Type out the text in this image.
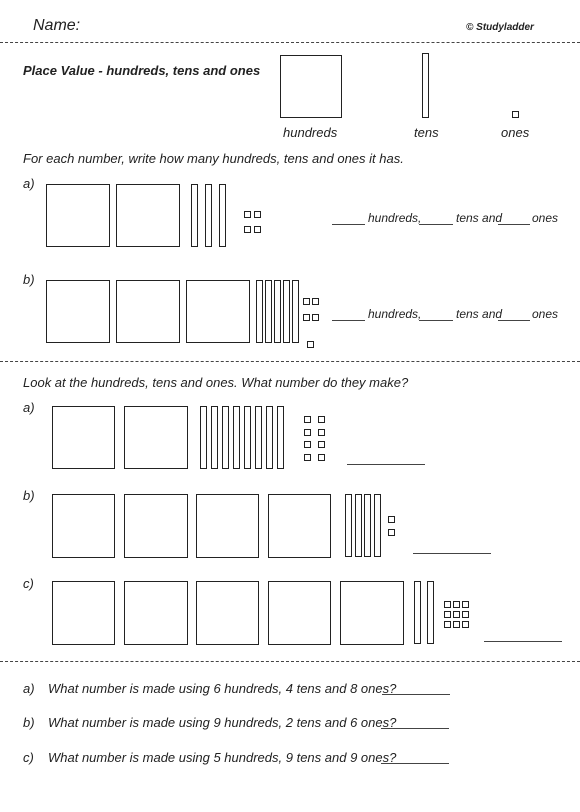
Name:	© Studyladder
Place Value - hundreds, tens and ones
hundreds	tens	ones
For each number, write how many hundreds, tens and ones it has.
a)
hundreds,	tens and ones
b)
hundreds,	tens and ones
Look at the hundreds, tens and ones. What number do they make?
a)
b)
c)
a) What number is made using 6 hundreds, 4 tens and 8 ones?
b) What number is made using 9 hundreds, 2 tens and 6 ones?
c) What number is made using 5 hundreds, 9 tens and 9 ones?
